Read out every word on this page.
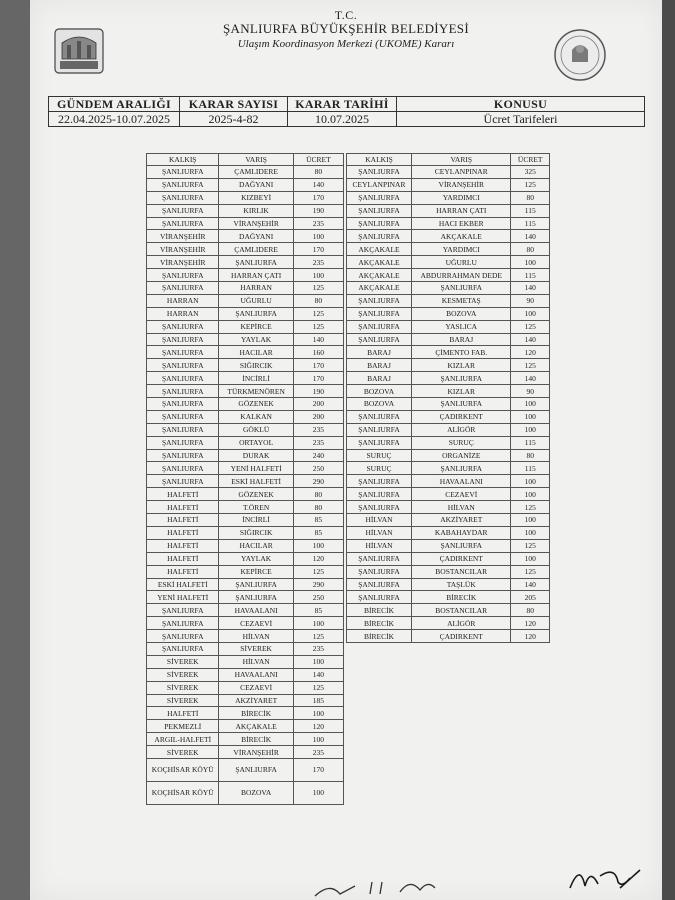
T.C.
ŞANLIURFA BÜYÜKŞEHİR BELEDİYESİ
Ulaşım Koordinasyon Merkezi (UKOME) Kararı
GÜNDEM ARALIĞI	KARAR SAYISI	KARAR TARİHİ	KONUSU
22.04.2025-10.07.2025	2025-4-82	10.07.2025	Ücret Tarifeleri
KALKIŞ	VARIŞ	ÜCRET
ŞANLIURFA	ÇAMLIDERE	80
ŞANLIURFA	DAĞYANI	140
ŞANLIURFA	KIZBEYİ	170
ŞANLIURFA	KIRLIK	190
ŞANLIURFA	VİRANŞEHİR	235
VİRANŞEHİR	DAĞYANI	100
VİRANŞEHİR	ÇAMLIDERE	170
VİRANŞEHİR	ŞANLIURFA	235
ŞANLIURFA	HARRAN ÇATI	100
ŞANLIURFA	HARRAN	125
HARRAN	UĞURLU	80
HARRAN	ŞANLIURFA	125
ŞANLIURFA	KEPİRCE	125
ŞANLIURFA	YAYLAK	140
ŞANLIURFA	HACILAR	160
ŞANLIURFA	SIĞIRCIK	170
ŞANLIURFA	İNCİRLİ	170
ŞANLIURFA	TÜRKMENÖREN	190
ŞANLIURFA	GÖZENEK	200
ŞANLIURFA	KALKAN	200
ŞANLIURFA	GÖKLÜ	235
ŞANLIURFA	ORTAYOL	235
ŞANLIURFA	DURAK	240
ŞANLIURFA	YENİ HALFETİ	250
ŞANLIURFA	ESKİ HALFETİ	290
HALFETİ	GÖZENEK	80
HALFETİ	T.ÖREN	80
HALFETİ	İNCİRLİ	85
HALFETİ	SIĞIRCIK	85
HALFETİ	HACILAR	100
HALFETİ	YAYLAK	120
HALFETİ	KEPİRCE	125
ESKİ HALFETİ	ŞANLIURFA	290
YENİ HALFETİ	ŞANLIURFA	250
ŞANLIURFA	HAVAALANI	85
ŞANLIURFA	CEZAEVİ	100
ŞANLIURFA	HİLVAN	125
ŞANLIURFA	SİVEREK	235
SİVEREK	HİLVAN	100
SİVEREK	HAVAALANI	140
SİVEREK	CEZAEVİ	125
SİVEREK	AKZİYARET	185
HALFETİ	BİRECİK	100
PEKMEZLİ	AKÇAKALE	120
ARGIL-HALFETİ	BİRECİK	100
SİVEREK	VİRANŞEHİR	235
KOÇHİSAR KÖYÜ	ŞANLIURFA	170
KOÇHİSAR KÖYÜ	BOZOVA	100
KALKIŞ	VARIŞ	ÜCRET
ŞANLIURFA	CEYLANPINAR	325
CEYLANPINAR	VİRANŞEHİR	125
ŞANLIURFA	YARDIMCI	80
ŞANLIURFA	HARRAN ÇATI	115
ŞANLIURFA	HACI EKBER	115
ŞANLIURFA	AKÇAKALE	140
AKÇAKALE	YARDIMCI	80
AKÇAKALE	UĞURLU	100
AKÇAKALE	ABDURRAHMAN DEDE	115
AKÇAKALE	ŞANLIURFA	140
ŞANLIURFA	KESMETAŞ	90
ŞANLIURFA	BOZOVA	100
ŞANLIURFA	YASLICA	125
ŞANLIURFA	BARAJ	140
BARAJ	ÇİMENTO FAB.	120
BARAJ	KIZLAR	125
BARAJ	ŞANLIURFA	140
BOZOVA	KIZLAR	90
BOZOVA	ŞANLIURFA	100
ŞANLIURFA	ÇADIRKENT	100
ŞANLIURFA	ALİGÖR	100
ŞANLIURFA	SURUÇ	115
SURUÇ	ORGANİZE	80
SURUÇ	ŞANLIURFA	115
ŞANLIURFA	HAVAALANI	100
ŞANLIURFA	CEZAEVİ	100
ŞANLIURFA	HİLVAN	125
HİLVAN	AKZİYARET	100
HİLVAN	KABAHAYDAR	100
HİLVAN	ŞANLIURFA	125
ŞANLIURFA	ÇADIRKENT	100
ŞANLIURFA	BOSTANCILAR	125
ŞANLIURFA	TAŞLÜK	140
ŞANLIURFA	BİRECİK	205
BİRECİK	BOSTANCILAR	80
BİRECİK	ALİGÖR	120
BİRECİK	ÇADIRKENT	120
